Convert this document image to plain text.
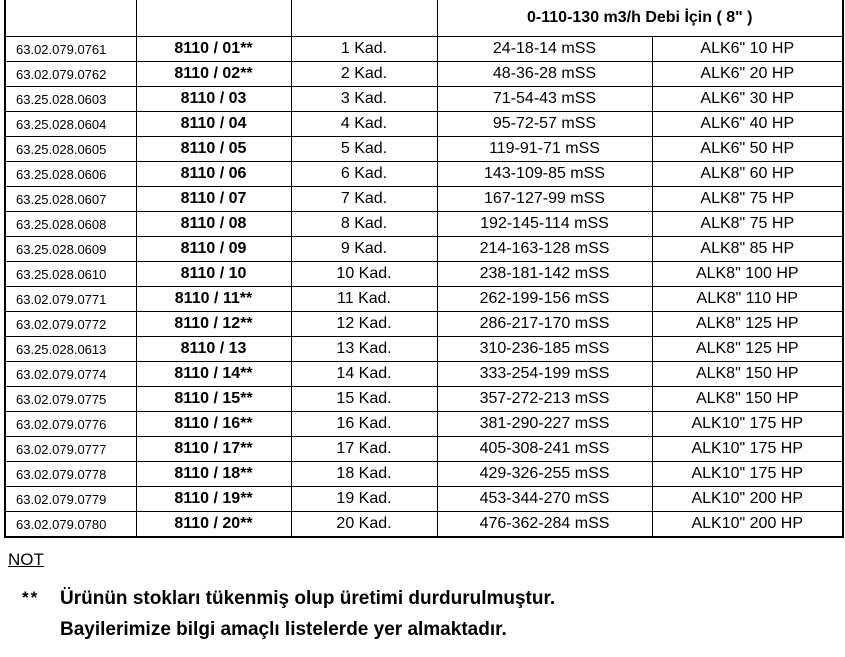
			0-110-130 m3/h Debi İçin ( 8" )	
63.02.079.0761	8110 / 01**	1 Kad.	24-18-14 mSS	ALK6" 10 HP
63.02.079.0762	8110 / 02**	2 Kad.	48-36-28 mSS	ALK6" 20 HP
63.25.028.0603	8110 / 03	3 Kad.	71-54-43 mSS	ALK6" 30 HP
63.25.028.0604	8110 / 04	4 Kad.	95-72-57 mSS	ALK6" 40 HP
63.25.028.0605	8110 / 05	5 Kad.	119-91-71 mSS	ALK6" 50 HP
63.25.028.0606	8110 / 06	6 Kad.	143-109-85 mSS	ALK8" 60 HP
63.25.028.0607	8110 / 07	7 Kad.	167-127-99 mSS	ALK8" 75 HP
63.25.028.0608	8110 / 08	8 Kad.	192-145-114 mSS	ALK8" 75 HP
63.25.028.0609	8110 / 09	9 Kad.	214-163-128 mSS	ALK8" 85 HP
63.25.028.0610	8110 / 10	10 Kad.	238-181-142 mSS	ALK8" 100 HP
63.02.079.0771	8110 / 11**	11 Kad.	262-199-156 mSS	ALK8" 110 HP
63.02.079.0772	8110 / 12**	12 Kad.	286-217-170 mSS	ALK8" 125 HP
63.25.028.0613	8110 / 13	13 Kad.	310-236-185 mSS	ALK8" 125 HP
63.02.079.0774	8110 / 14**	14 Kad.	333-254-199 mSS	ALK8" 150 HP
63.02.079.0775	8110 / 15**	15 Kad.	357-272-213 mSS	ALK8" 150 HP
63.02.079.0776	8110 / 16**	16 Kad.	381-290-227 mSS	ALK10" 175 HP
63.02.079.0777	8110 / 17**	17 Kad.	405-308-241 mSS	ALK10" 175 HP
63.02.079.0778	8110 / 18**	18 Kad.	429-326-255 mSS	ALK10" 175 HP
63.02.079.0779	8110 / 19**	19 Kad.	453-344-270 mSS	ALK10" 200 HP
63.02.079.0780	8110 / 20**	20 Kad.	476-362-284 mSS	ALK10" 200 HP
NOT
** Ürünün stokları tükenmiş olup üretimi durdurulmuştur.
Bayilerimize bilgi amaçlı listelerde yer almaktadır.
